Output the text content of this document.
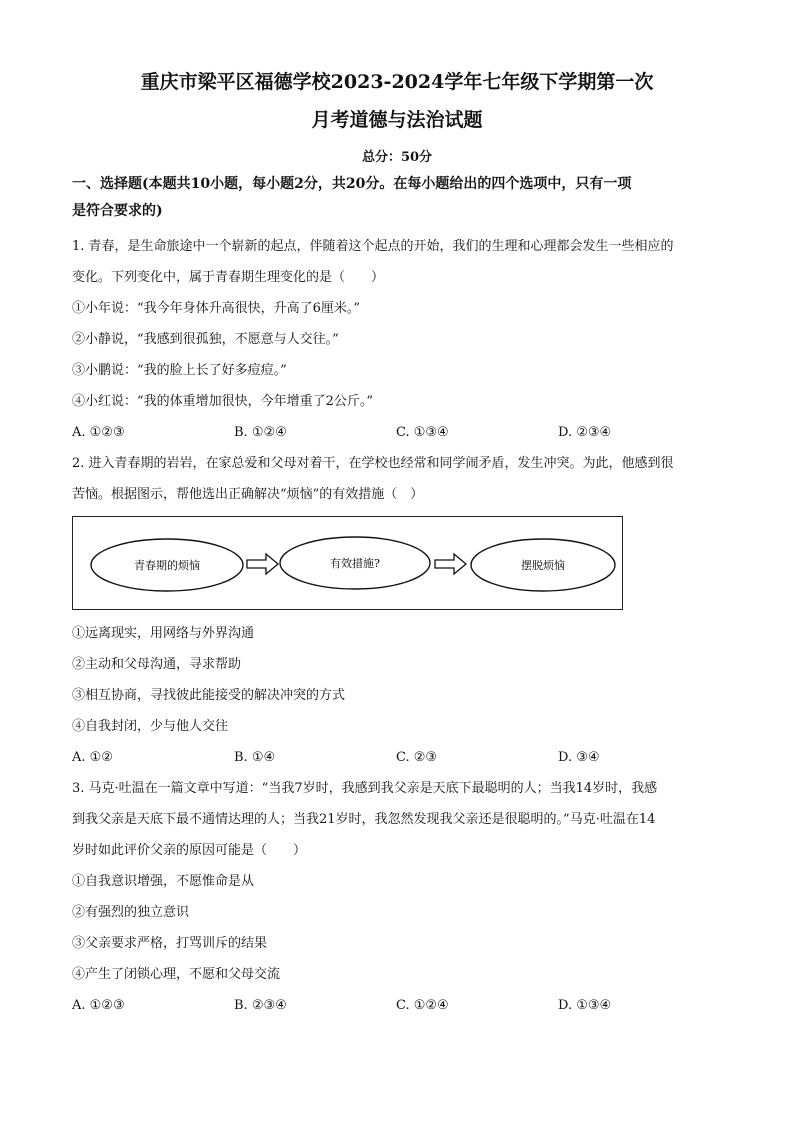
重庆市梁平区福德学校2023-2024学年七年级下学期第一次

月考道德与法治试题

总分：50分
一、选择题(本题共10小题，每小题2分，共20分。在每小题给出的四个选项中，只有一项
是符合要求的)

1. 青春，是生命旅途中一个崭新的起点，伴随着这个起点的开始，我们的生理和心理都会发生一些相应的

变化。下列变化中，属于青春期生理变化的是（　　）

①小年说：“我今年身体升高很快，升高了6厘米。”

②小静说，“我感到很孤独，不愿意与人交往。”

③小鹏说：“我的脸上长了好多痘痘。”

④小红说：“我的体重增加很快，今年增重了2公斤。”

A. ①②③	B. ①②④	C. ①③④	D. ②③④

2. 进入青春期的岩岩，在家总爱和父母对着干，在学校也经常和同学闹矛盾，发生冲突。为此，他感到很

苦恼。根据图示，帮他选出正确解决“烦恼”的有效措施（　）

青春期的烦恼	有效措施?	摆脱烦恼

①远离现实，用网络与外界沟通

②主动和父母沟通，寻求帮助

③相互协商，寻找彼此能接受的解决冲突的方式

④自我封闭，少与他人交往

A. ①②	B. ①④	C. ②③	D. ③④

3. 马克·吐温在一篇文章中写道：“当我7岁时，我感到我父亲是天底下最聪明的人；当我14岁时，我感

到我父亲是天底下最不通情达理的人；当我21岁时，我忽然发现我父亲还是很聪明的。”马克·吐温在14

岁时如此评价父亲的原因可能是（　　）

①自我意识增强，不愿惟命是从

②有强烈的独立意识

③父亲要求严格，打骂训斥的结果

④产生了闭锁心理，不愿和父母交流

A. ①②③	B. ②③④	C. ①②④	D. ①③④
